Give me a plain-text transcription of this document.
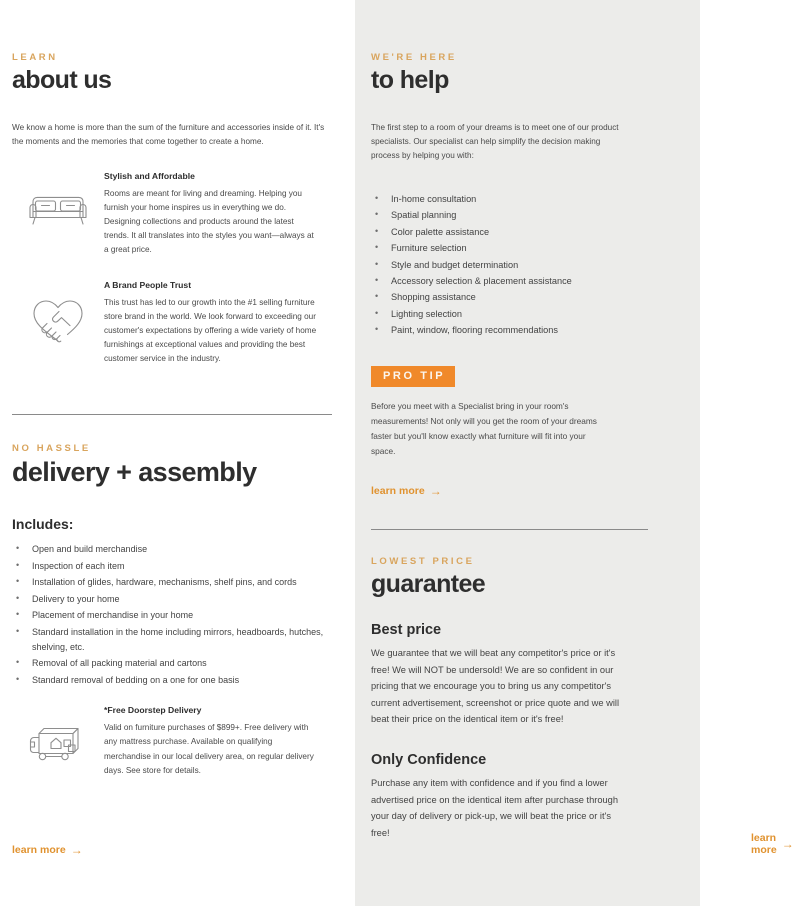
LEARN
about us

We know a home is more than the sum of the furniture and accessories inside of it. It's the moments and the memories that come together to create a home.

Stylish and Affordable

Rooms are meant for living and dreaming. Helping you furnish your home inspires us in everything we do. Designing collections and products around the latest trends. It all translates into the styles you want—always at a great price.

A Brand People Trust

This trust has led to our growth into the #1 selling furniture store brand in the world. We look forward to exceeding our customer's expectations by offering a wide variety of home furnishings at exceptional values and providing the best customer service in the industry.

NO HASSLE
delivery + assembly
Includes:
• Open and build merchandise
• Inspection of each item
• Installation of glides, hardware, mechanisms, shelf pins, and cords
• Delivery to your home
• Placement of merchandise in your home
• Standard installation in the home including mirrors, headboards, hutches, shelving, etc.
• Removal of all packing material and cartons
• Standard removal of bedding on a one for one basis
*Free Doorstep Delivery

Valid on furniture purchases of $899+. Free delivery with any mattress purchase. Available on qualifying merchandise in our local delivery area, on regular delivery days. See store for details.

learn more →
WE'RE HERE
to help

The first step to a room of your dreams is to meet one of our product specialists. Our specialist can help simplify the decision making process by helping you with:

• In-home consultation
• Spatial planning
• Color palette assistance
• Furniture selection
• Style and budget determination
• Accessory selection & placement assistance
• Shopping assistance
• Lighting selection
• Paint, window, flooring recommendations
PRO TIP

Before you meet with a Specialist bring in your room's measurements! Not only will you get the room of your dreams faster but you'll know exactly what furniture will fit into your space.

learn more →
LOWEST PRICE
guarantee
Best price

We guarantee that we will beat any competitor's price or it's free! We will NOT be undersold! We are so confident in our pricing that we encourage you to bring us any competitor's current advertisement, screenshot or price quote and we will beat their price on the identical item or it's free!

Only Confidence

Purchase any item with confidence and if you find a lower advertised price on the identical item after purchase through your day of delivery or pick-up, we will beat the price or it's free!	learn more →
